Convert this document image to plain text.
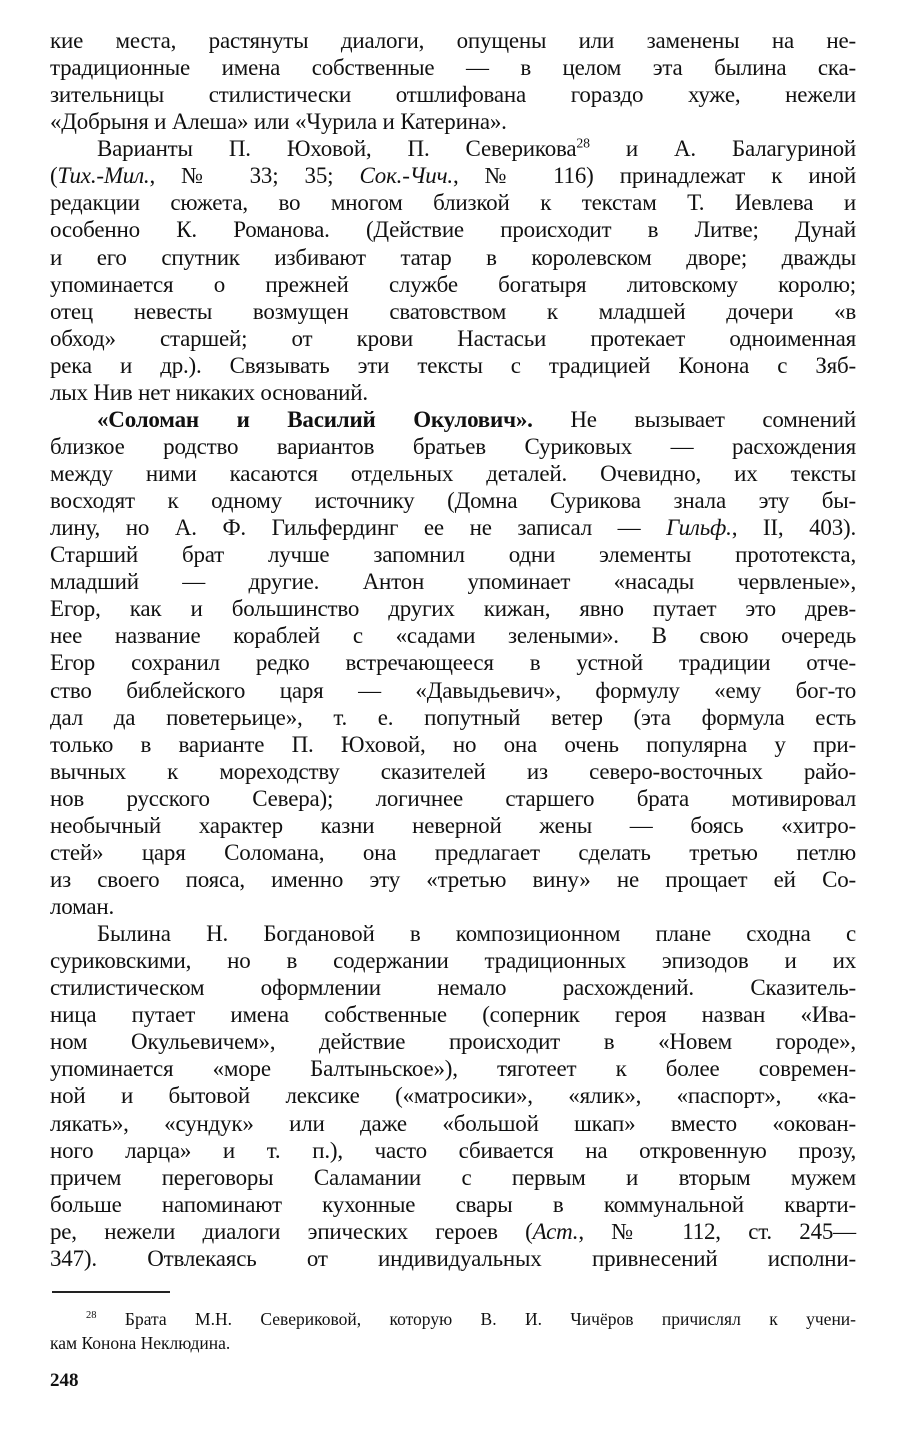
кие места, растянуты диалоги, опущены или заменены на не-
традиционные имена собственные — в целом эта былина ска-
зительницы стилистически отшлифована гораздо хуже, нежели
«Добрыня и Алеша» или «Чурила и Катерина».
Варианты П. Юховой, П. Северикова$^{28}$ и А. Балагуриной
(Тих.-Мил., № 33; 35; Сок.-Чич., № 116) принадлежат к иной
редакции сюжета, во многом близкой к текстам Т. Иевлева и
особенно К. Романова. (Действие происходит в Литве; Дунай
и его спутник избивают татар в королевском дворе; дважды
упоминается о прежней службе богатыря литовскому королю;
отец невесты возмущен сватовством к младшей дочери «в
обход» старшей; от крови Настасьи протекает одноименная
река и др.). Связывать эти тексты с традицией Конона с Зяб-
лых Нив нет никаких оснований.
«Соломан и Василий Окулович». Не вызывает сомнений
близкое родство вариантов братьев Суриковых — расхождения
между ними касаются отдельных деталей. Очевидно, их тексты
восходят к одному источнику (Домна Сурикова знала эту бы-
лину, но А. Ф. Гильфердинг ее не записал — Гильф., II, 403).
Старший брат лучше запомнил одни элементы прототекста,
младший — другие. Антон упоминает «насады червленые»,
Егор, как и большинство других кижан, явно путает это древ-
нее название кораблей с «садами зелеными». В свою очередь
Егор сохранил редко встречающееся в устной традиции отче-
ство библейского царя — «Давыдьевич», формулу «ему бог-то
дал да поветерьице», т. е. попутный ветер (эта формула есть
только в варианте П. Юховой, но она очень популярна у при-
вычных к мореходству сказителей из северо-восточных райо-
нов русского Севера); логичнее старшего брата мотивировал
необычный характер казни неверной жены — боясь «хитро-
стей» царя Соломана, она предлагает сделать третью петлю
из своего пояса, именно эту «третью вину» не прощает ей Со-
ломан.
Былина Н. Богдановой в композиционном плане сходна с
суриковскими, но в содержании традиционных эпизодов и их
стилистическом оформлении немало расхождений. Сказитель-
ница путает имена собственные (соперник героя назван «Ива-
ном Окульевичем», действие происходит в «Новем городе»,
упоминается «море Балтыньское»), тяготеет к более современ-
ной и бытовой лексике («матросики», «ялик», «паспорт», «ка-
лякать», «сундук» или даже «большой шкап» вместо «окован-
ного ларца» и т. п.), часто сбивается на откровенную прозу,
причем переговоры Саламании с первым и вторым мужем
больше напоминают кухонные свары в коммунальной кварти-
ре, нежели диалоги эпических героев (Аст., № 112, ст. 245—
347). Отвлекаясь от индивидуальных привнесений исполни-
$^{28}$ Брата М.Н. Севериковой, которую В. И. Чичёров причислял к учени-
кам Конона Неклюдина.
248
